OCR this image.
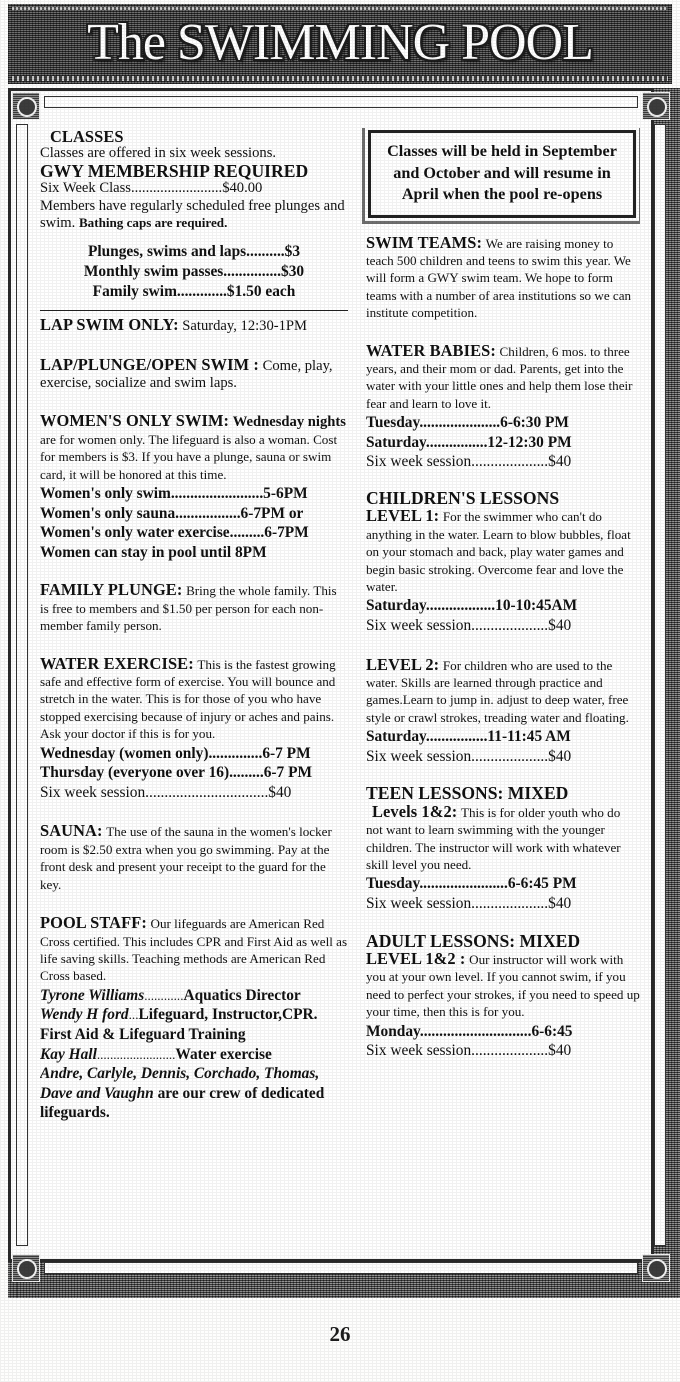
The SWIMMING POOL
CLASSES
Classes are offered in six week sessions.
GWY MEMBERSHIP REQUIRED
Six Week Class.........................$40.00
Members have regularly scheduled free plunges and swim. Bathing caps are required.
Plunges, swims and laps..........$3
Monthly swim passes...............$30
Family swim.............$1.50 each
LAP SWIM ONLY: Saturday, 12:30-1PM
LAP/PLUNGE/OPEN SWIM : Come, play, exercise, socialize and swim laps.
WOMEN'S ONLY SWIM: Wednesday nights are for women only. The lifeguard is also a woman. Cost for members is $3. If you have a plunge, sauna or swim card, it will be honored at this time.
Women's only swim........................5-6PM
Women's only sauna.................6-7PM or
Women's only water exercise.........6-7PM
Women can stay in pool until 8PM
FAMILY PLUNGE: Bring the whole family. This is free to members and $1.50 per person for each non-member family person.
WATER EXERCISE: This is the fastest growing safe and effective form of exercise. You will bounce and stretch in the water. This is for those of you who have stopped exercising because of injury or aches and pains. Ask your doctor if this is for you.
Wednesday (women only)..............6-7 PM
Thursday (everyone over 16).........6-7 PM
Six week session................................$40
SAUNA: The use of the sauna in the women's locker room is $2.50 extra when you go swimming. Pay at the front desk and present your receipt to the guard for the key.
POOL STAFF: Our lifeguards are American Red Cross certified. This includes CPR and First Aid as well as life saving skills. Teaching methods are American Red Cross based.
Tyrone Williams............Aquatics Director
Wendy H ford...Lifeguard, Instructor,CPR. First Aid & Lifeguard Training
Kay Hall........................Water exercise
Andre, Carlyle, Dennis, Corchado, Thomas, Dave and Vaughn are our crew of dedicated lifeguards.
Classes will be held in September and October and will resume in April when the pool re-opens
SWIM TEAMS: We are raising money to teach 500 children and teens to swim this year. We will form a GWY swim team. We hope to form teams with a number of area institutions so we can institute competition.
WATER BABIES: Children, 6 mos. to three years, and their mom or dad. Parents, get into the water with your little ones and help them lose their fear and learn to love it.
Tuesday.....................6-6:30 PM
Saturday................12-12:30 PM
Six week session....................$40
CHILDREN'S LESSONS
LEVEL 1: For the swimmer who can't do anything in the water. Learn to blow bubbles, float on your stomach and back, play water games and begin basic stroking. Overcome fear and love the water.
Saturday..................10-10:45AM
Six week session....................$40
LEVEL 2: For children who are used to the water. Skills are learned through practice and games.Learn to jump in. adjust to deep water, free style or crawl strokes, treading water and floating.
Saturday................11-11:45 AM
Six week session....................$40
TEEN LESSONS: MIXED
Levels 1&2: This is for older youth who do not want to learn swimming with the younger children. The instructor will work with whatever skill level you need.
Tuesday.......................6-6:45 PM
Six week session....................$40
ADULT LESSONS: MIXED
LEVEL 1&2 : Our instructor will work with you at your own level. If you cannot swim, if you need to perfect your strokes, if you need to speed up your time, then this is for you.
Monday.............................6-6:45
Six week session....................$40
26
